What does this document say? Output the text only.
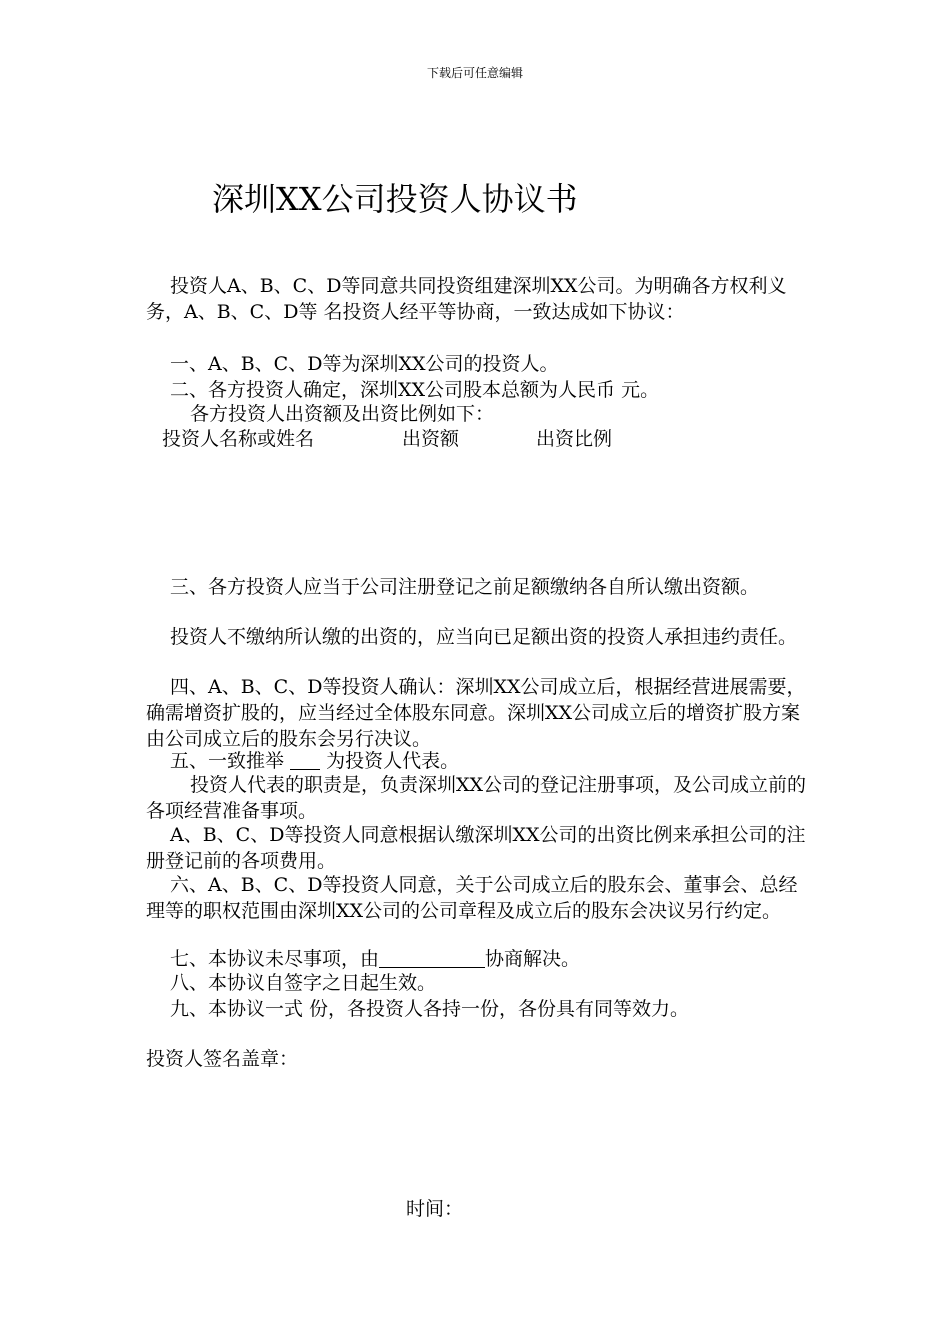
下载后可任意编辑
深圳XX公司投资人协议书

投资人A、B、C、D等同意共同投资组建深圳XX公司。为明确各方权利义务，A、B、C、D等 名投资人经平等协商，一致达成如下协议：

一、A、B、C、D等为深圳XX公司的投资人。

二、各方投资人确定，深圳XX公司股本总额为人民币 元。

各方投资人出资额及出资比例如下：

投资人名称或姓名	出资额	出资比例

三、各方投资人应当于公司注册登记之前足额缴纳各自所认缴出资额。

投资人不缴纳所认缴的出资的，应当向已足额出资的投资人承担违约责任。

四、A、B、C、D等投资人确认：深圳XX公司成立后，根据经营进展需要，确需增资扩股的，应当经过全体股东同意。深圳XX公司成立后的增资扩股方案由公司成立后的股东会另行决议。

五、一致推举 为投资人代表。

投资人代表的职责是，负责深圳XX公司的登记注册事项，及公司成立前的各项经营准备事项。

A、B、C、D等投资人同意根据认缴深圳XX公司的出资比例来承担公司的注册登记前的各项费用。

六、A、B、C、D等投资人同意，关于公司成立后的股东会、董事会、总经理等的职权范围由深圳XX公司的公司章程及成立后的股东会决议另行约定。

七、本协议未尽事项，由	协商解决。

八、本协议自签字之日起生效。

九、本协议一式 份，各投资人各持一份，各份具有同等效力。

投资人签名盖章：

时间：
